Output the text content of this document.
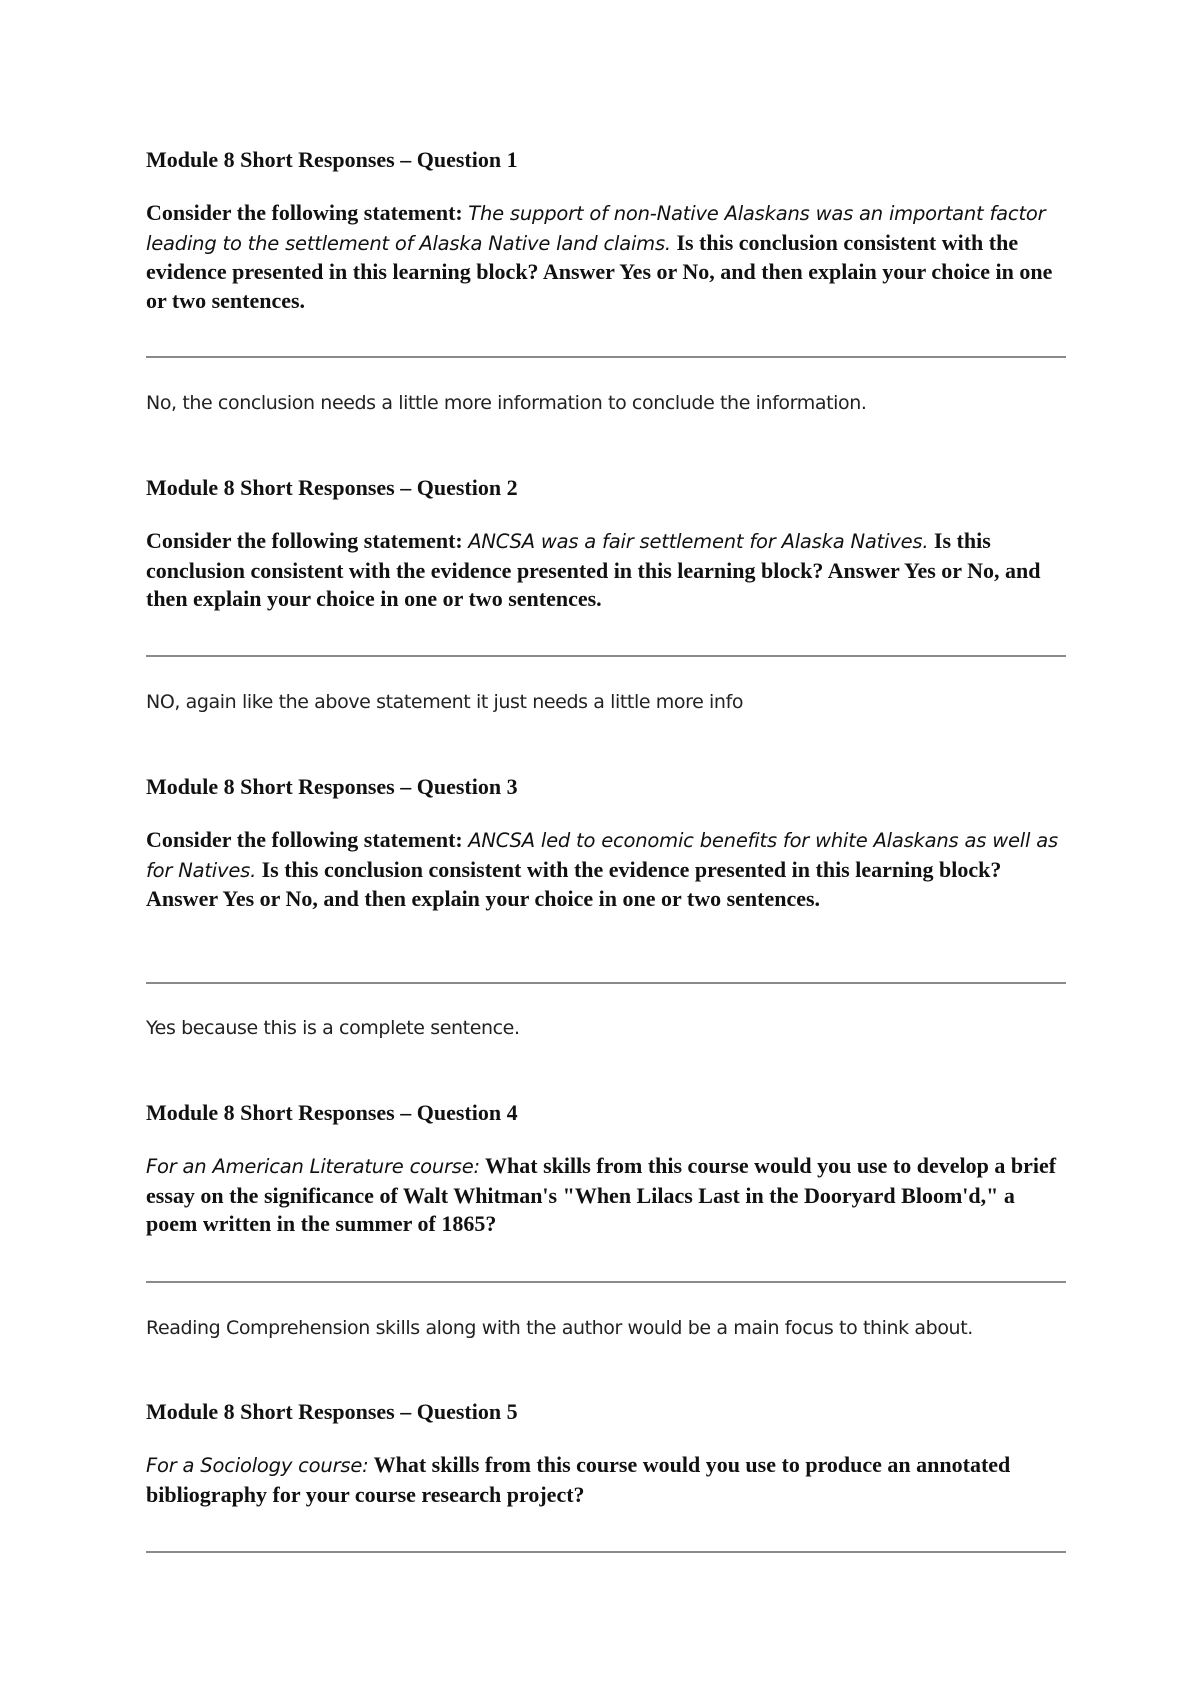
Module 8 Short Responses – Question 1

Consider the following statement: The support of non-Native Alaskans was an important factor leading to the settlement of Alaska Native land claims. Is this conclusion consistent with the evidence presented in this learning block? Answer Yes or No, and then explain your choice in one or two sentences.

No, the conclusion needs a little more information to conclude the information.

Module 8 Short Responses – Question 2

Consider the following statement: ANCSA was a fair settlement for Alaska Natives. Is this conclusion consistent with the evidence presented in this learning block? Answer Yes or No, and then explain your choice in one or two sentences.

NO, again like the above statement it just needs a little more info

Module 8 Short Responses – Question 3

Consider the following statement: ANCSA led to economic benefits for white Alaskans as well as for Natives. Is this conclusion consistent with the evidence presented in this learning block? Answer Yes or No, and then explain your choice in one or two sentences.

Yes because this is a complete sentence.

Module 8 Short Responses – Question 4

For an American Literature course: What skills from this course would you use to develop a brief essay on the significance of Walt Whitman's "When Lilacs Last in the Dooryard Bloom'd," a poem written in the summer of 1865?

Reading Comprehension skills along with the author would be a main focus to think about.

Module 8 Short Responses – Question 5

For a Sociology course: What skills from this course would you use to produce an annotated bibliography for your course research project?
